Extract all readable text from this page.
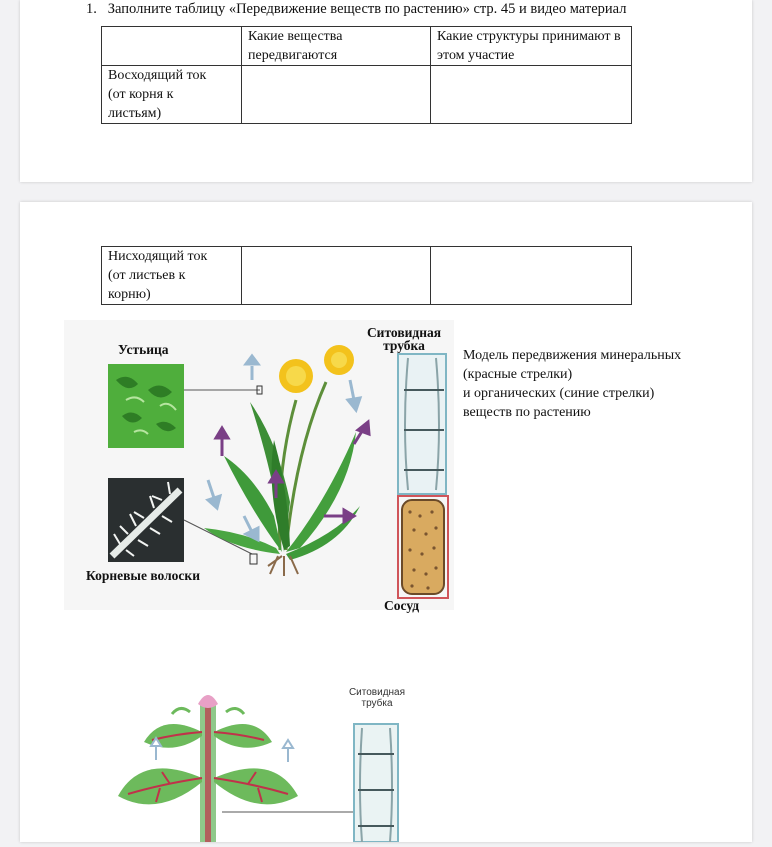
1. Заполните таблицу «Передвижение веществ по растению» стр. 45 и видео материал
	Какие вещества передвигаются	Какие структуры принимают в этом участие

Восходящий ток
(от корня к
листьям)		

Нисходящий ток
(от листьев к
корню)

Устьица
Корневые волоски
Ситовидная
трубка
Сосуд
Модель передвижения минеральных
(красные стрелки)
и органических (синие стрелки)
веществ по растению
Ситовидная
трубка
